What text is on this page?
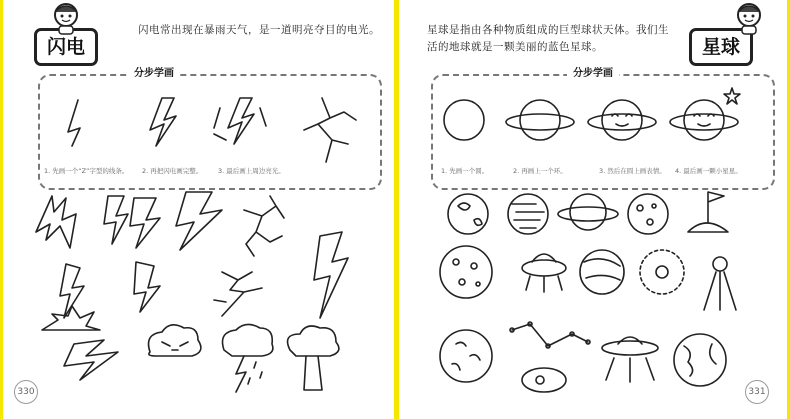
闪电
闪电常出现在暴雨天气，是一道明亮夺目的电光。
分步学画
1. 先画一个“Z”字型的线条。 2. 再把闪电画完整。 3. 最后画上周边亮光。
330
星球
星球是指由各种物质组成的巨型球状天体。我们生
活的地球就是一颗美丽的蓝色星球。
分步学画
1. 先画一个圆。	2. 再画上一个环。	3. 然后在圆上画表情。 4. 最后画一颗小星星。
331
